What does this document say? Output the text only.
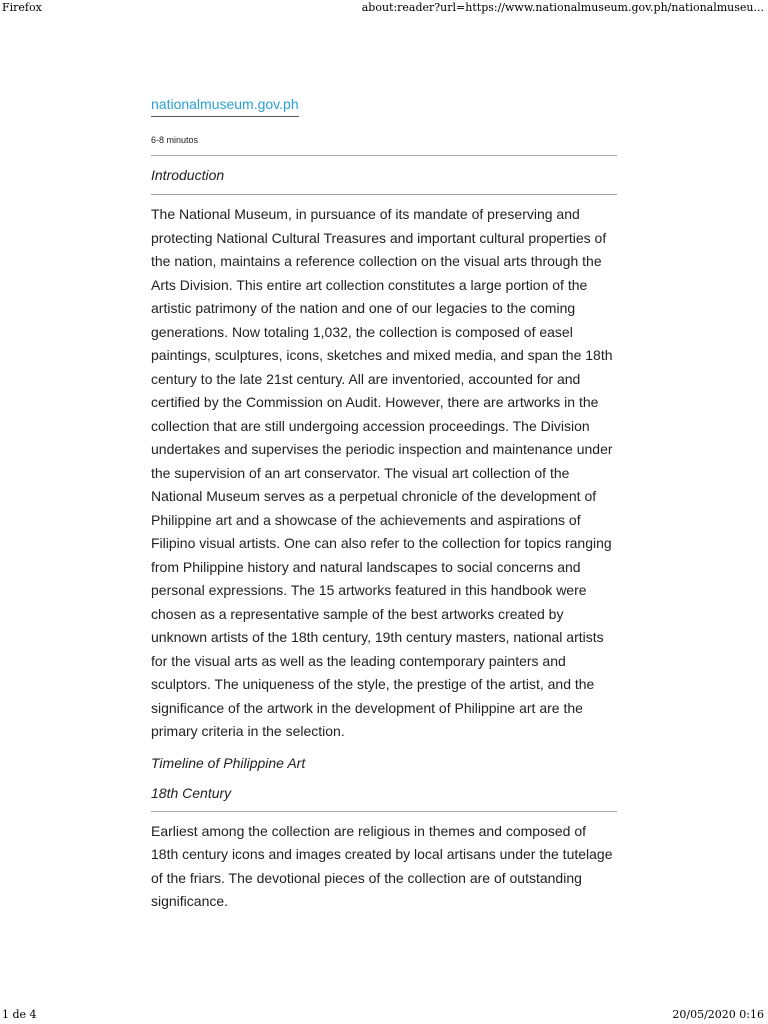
Firefox	about:reader?url=https://www.nationalmuseum.gov.ph/nationalmuseu...
nationalmuseum.gov.ph
6-8 minutos
Introduction

The National Museum, in pursuance of its mandate of preserving and protecting National Cultural Treasures and important cultural properties of the nation, maintains a reference collection on the visual arts through the Arts Division. This entire art collection constitutes a large portion of the artistic patrimony of the nation and one of our legacies to the coming generations. Now totaling 1,032, the collection is composed of easel paintings, sculptures, icons, sketches and mixed media, and span the 18th century to the late 21st century. All are inventoried, accounted for and certified by the Commission on Audit. However, there are artworks in the collection that are still undergoing accession proceedings. The Division undertakes and supervises the periodic inspection and maintenance under the supervision of an art conservator. The visual art collection of the National Museum serves as a perpetual chronicle of the development of Philippine art and a showcase of the achievements and aspirations of Filipino visual artists. One can also refer to the collection for topics ranging from Philippine history and natural landscapes to social concerns and personal expressions. The 15 artworks featured in this handbook were chosen as a representative sample of the best artworks created by unknown artists of the 18th century, 19th century masters, national artists for the visual arts as well as the leading contemporary painters and sculptors. The uniqueness of the style, the prestige of the artist, and the significance of the artwork in the development of Philippine art are the primary criteria in the selection.

Timeline of Philippine Art
18th Century

Earliest among the collection are religious in themes and composed of 18th century icons and images created by local artisans under the tutelage of the friars. The devotional pieces of the collection are of outstanding significance.

1 de 4	20/05/2020 0:16
